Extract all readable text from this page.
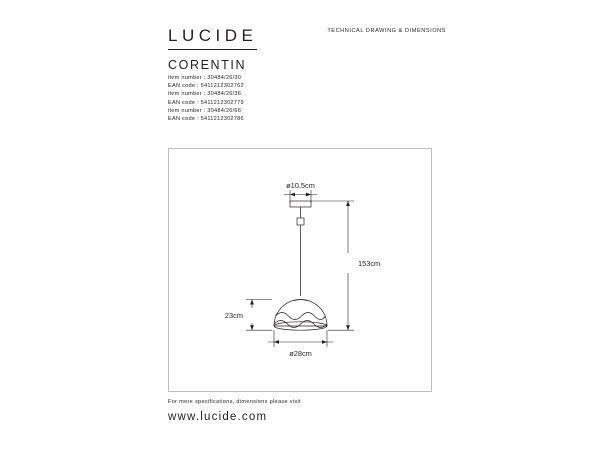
LUCIDE
CORENTIN
TECHNICAL DRAWING & DIMENSIONS
item number : 30484/26/30
EAN code : 5411212302762
item number : 30484/26/36
EAN code : 5411212302779
item number : 30484/26/66
EAN code : 5411212302786
ø10.5cm
153cm
23cm
ø28cm
For more specifications, dimensions please visit
www.lucide.com
